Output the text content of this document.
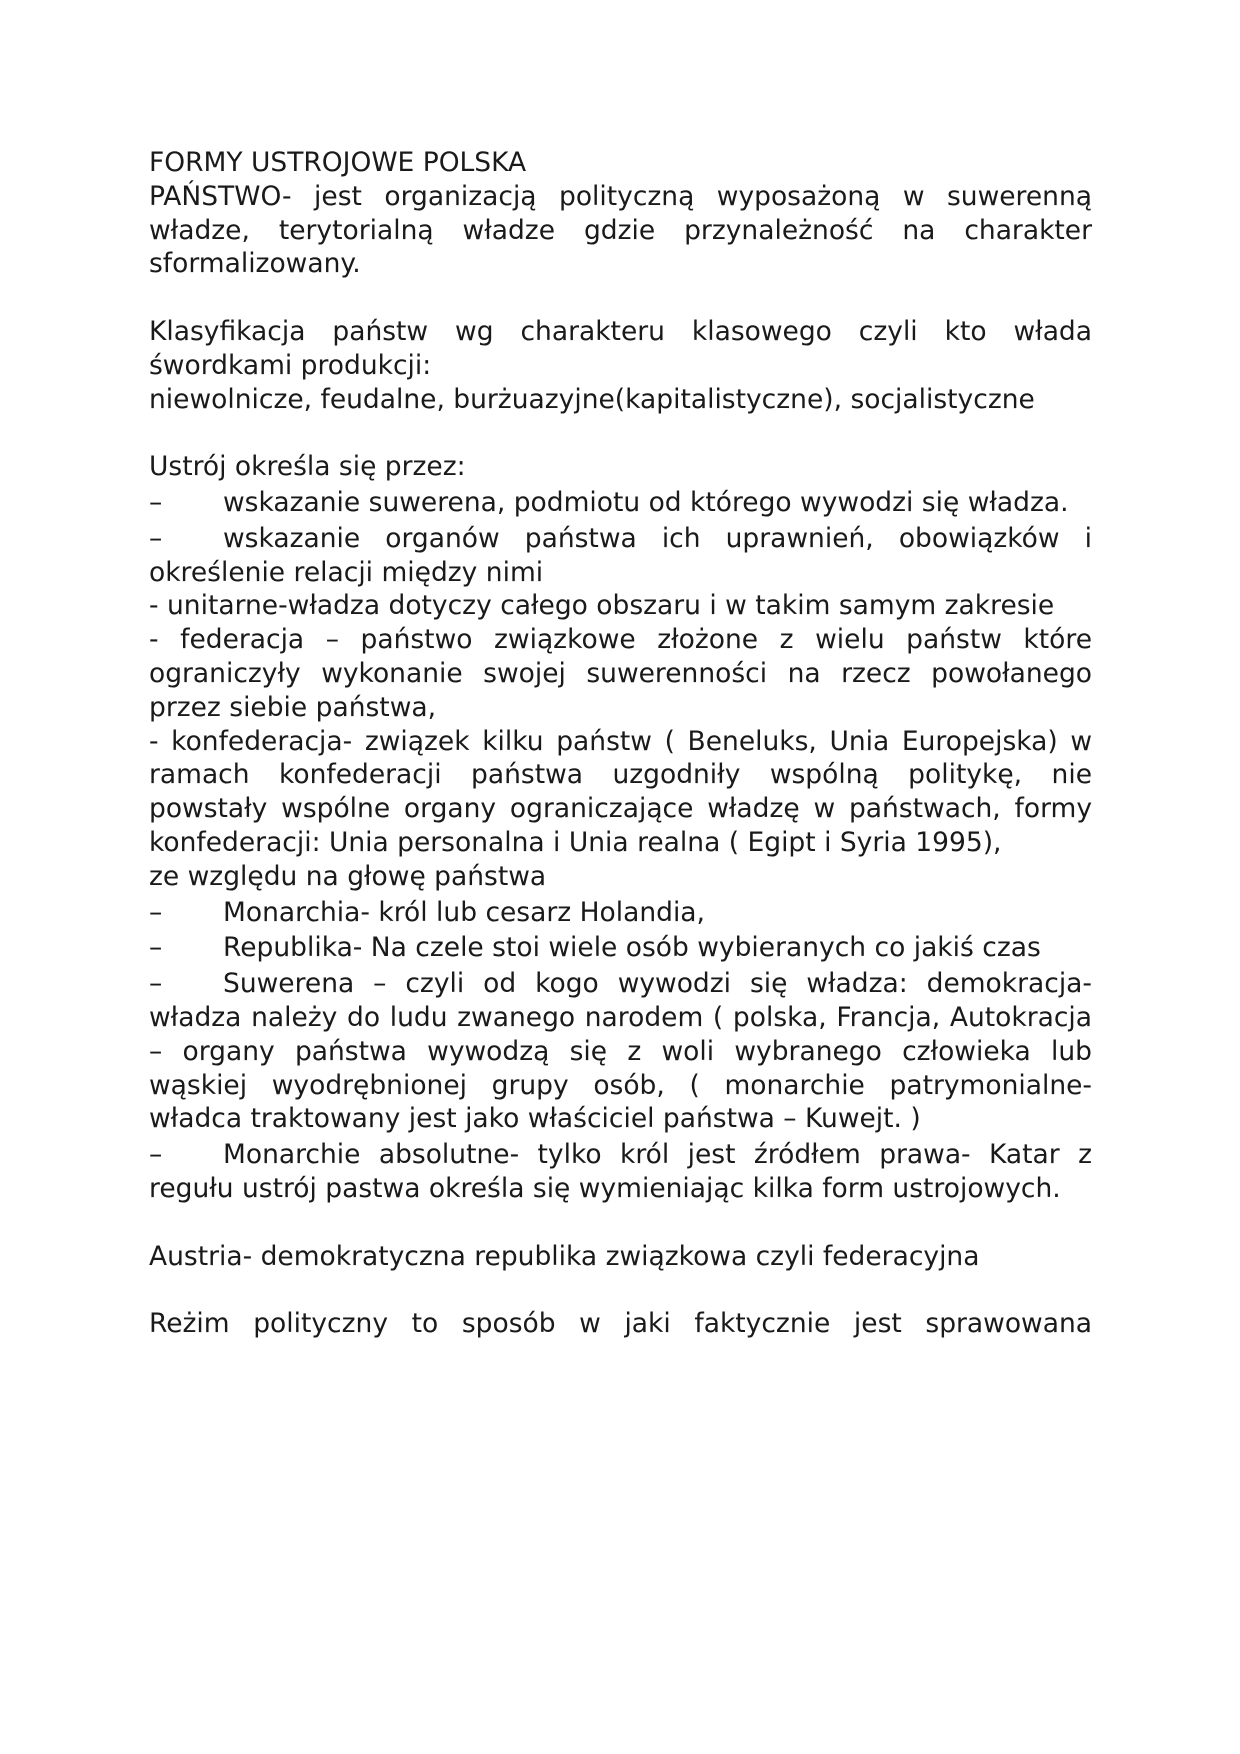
FORMY USTROJOWE POLSKA

PAŃSTWO- jest organizacją polityczną wyposażoną w suwerenną władze, terytorialną władze gdzie przynależność na charakter sformalizowany.

Klasyfikacja państw wg charakteru klasowego czyli kto włada śwordkami produkcji:

niewolnicze, feudalne, burżuazyjne(kapitalistyczne), socjalistyczne

Ustrój określa się przez:

– wskazanie suwerena, podmiotu od którego wywodzi się władza.

– wskazanie organów państwa ich uprawnień, obowiązków i określenie relacji między nimi

- unitarne-władza dotyczy całego obszaru i w takim samym zakresie

- federacja – państwo związkowe złożone z wielu państw które ograniczyły wykonanie swojej suwerenności na rzecz powołanego przez siebie państwa,

- konfederacja- związek kilku państw ( Beneluks, Unia Europejska) w ramach konfederacji państwa uzgodniły wspólną politykę, nie powstały wspólne organy ograniczające władzę w państwach, formy konfederacji: Unia personalna i Unia realna ( Egipt i Syria 1995),

ze względu na głowę państwa

– Monarchia- król lub cesarz Holandia,

– Republika- Na czele stoi wiele osób wybieranych co jakiś czas

– Suwerena – czyli od kogo wywodzi się władza: demokracja-władza należy do ludu zwanego narodem ( polska, Francja, Autokracja – organy państwa wywodzą się z woli wybranego człowieka lub wąskiej wyodrębnionej grupy osób, ( monarchie patrymonialne- władca traktowany jest jako właściciel państwa – Kuwejt. )

– Monarchie absolutne- tylko król jest źródłem prawa- Katar z regułu ustrój pastwa określa się wymieniając kilka form ustrojowych.

Austria- demokratyczna republika związkowa czyli federacyjna

Reżim polityczny to sposób w jaki faktycznie jest sprawowana
